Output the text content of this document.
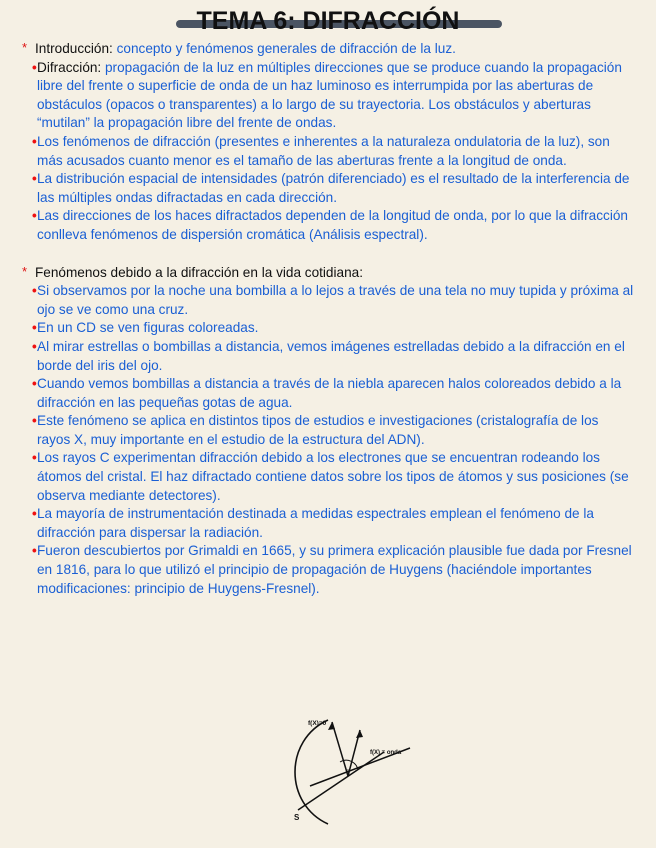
TEMA 6: DIFRACCIÓN
* Introducción: concepto y fenómenos generales de difracción de la luz.
• Difracción: propagación de la luz en múltiples direcciones que se produce cuando la propagación libre del frente o superficie de onda de un haz luminoso es interrumpida por las aberturas de obstáculos (opacos o transparentes) a lo largo de su trayectoria. Los obstáculos y aberturas “mutilan” la propagación libre del frente de ondas.
• Los fenómenos de difracción (presentes e inherentes a la naturaleza ondulatoria de la luz), son más acusados cuanto menor es el tamaño de las aberturas frente a la longitud de onda.
• La distribución espacial de intensidades (patrón diferenciado) es el resultado de la interferencia de las múltiples ondas difractadas en cada dirección.
• Las direcciones de los haces difractados dependen de la longitud de onda, por lo que la difracción conlleva fenómenos de dispersión cromática (Análisis espectral).
* Fenómenos debido a la difracción en la vida cotidiana:
• Si observamos por la noche una bombilla a lo lejos a través de una tela no muy tupida y próxima al ojo se ve como una cruz.
• En un CD se ven figuras coloreadas.
• Al mirar estrellas o bombillas a distancia, vemos imágenes estrelladas debido a la difracción en el borde del iris del ojo.
• Cuando vemos bombillas a distancia a través de la niebla aparecen halos coloreados debido a la difracción en las pequeñas gotas de agua.
• Este fenómeno se aplica en distintos tipos de estudios e investigaciones (cristalografía de los rayos X, muy importante en el estudio de la estructura del ADN).
• Los rayos C experimentan difracción debido a los electrones que se encuentran rodeando los átomos del cristal. El haz difractado contiene datos sobre los tipos de átomos y sus posiciones (se observa mediante detectores).
• La mayoría de instrumentación destinada a medidas espectrales emplean el fenómeno de la difracción para dispersar la radiación.
• Fueron descubiertos por Grimaldi en 1665, y su primera explicación plausible fue dada por Fresnel en 1816, para lo que utilizó el principio de propagación de Huygens (haciéndole importantes modificaciones: principio de Huygens-Fresnel).
θ
f(X)=0
f(X) = onda
S
